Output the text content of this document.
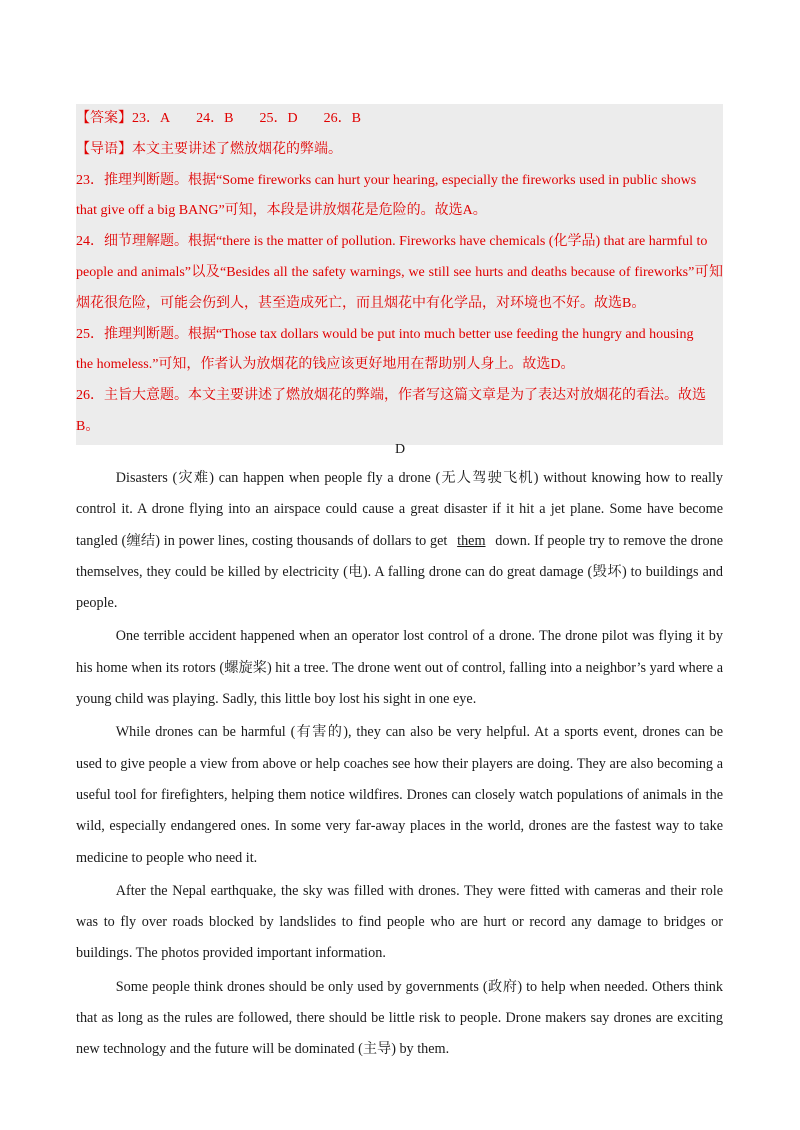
【答案】23．A 24．B 25．D 26．B
【导语】本文主要讲述了燃放烟花的弊端。
23．推理判断题。根据“Some fireworks can hurt your hearing, especially the fireworks used in public shows
that give off a big BANG”可知，本段是讲放烟花是危险的。故选A。
24．细节理解题。根据“there is the matter of pollution. Fireworks have chemicals (化学品) that are harmful to
people and animals”以及“Besides all the safety warnings, we still see hurts and deaths because of fireworks”可知烟花很危险，可能会伤到人，甚至造成死亡，而且烟花中有化学品，对环境也不好。故选B。
25．推理判断题。根据“Those tax dollars would be put into much better use feeding the hungry and housing
the homeless.”可知，作者认为放烟花的钱应该更好地用在帮助别人身上。故选D。
26．主旨大意题。本文主要讲述了燃放烟花的弊端，作者写这篇文章是为了表达对放烟花的看法。故选
B。
D

Disasters (灾难) can happen when people fly a drone (无人驾驶飞机) without knowing how to really control it. A drone flying into an airspace could cause a great disaster if it hit a jet plane. Some have become tangled (缠结) in power lines, costing thousands of dollars to get them down. If people try to remove the drone themselves, they could be killed by electricity (电). A falling drone can do great damage (毁坏) to buildings and people.

One terrible accident happened when an operator lost control of a drone. The drone pilot was flying it by his home when its rotors (螺旋桨) hit a tree. The drone went out of control, falling into a neighbor’s yard where a young child was playing. Sadly, this little boy lost his sight in one eye.

While drones can be harmful (有害的), they can also be very helpful. At a sports event, drones can be used to give people a view from above or help coaches see how their players are doing. They are also becoming a useful tool for firefighters, helping them notice wildfires. Drones can closely watch populations of animals in the wild, especially endangered ones. In some very far-away places in the world, drones are the fastest way to take medicine to people who need it.

After the Nepal earthquake, the sky was filled with drones. They were fitted with cameras and their role was to fly over roads blocked by landslides to find people who are hurt or record any damage to bridges or buildings. The photos provided important information.

Some people think drones should be only used by governments (政府) to help when needed. Others think that as long as the rules are followed, there should be little risk to people. Drone makers say drones are exciting new technology and the future will be dominated (主导) by them.
